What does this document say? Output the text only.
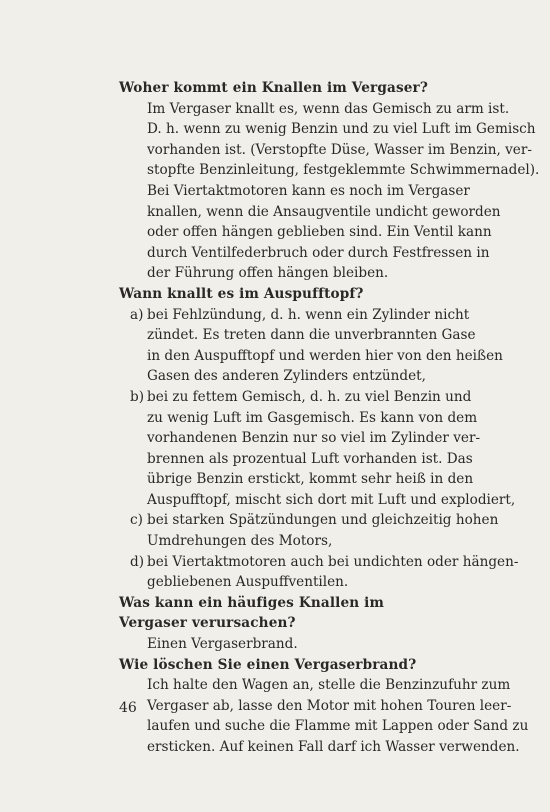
Woher kommt ein Knallen im Vergaser?
Im Vergaser knallt es, wenn das Gemisch zu arm ist.
D. h. wenn zu wenig Benzin und zu viel Luft im Gemisch
vorhanden ist. (Verstopfte Düse, Wasser im Benzin, ver-
stopfte Benzinleitung, festgeklemmte Schwimmernadel).
Bei Viertaktmotoren kann es noch im Vergaser
knallen, wenn die Ansaugventile undicht geworden
oder offen hängen geblieben sind. Ein Ventil kann
durch Ventilfederbruch oder durch Festfressen in
der Führung offen hängen bleiben.
Wann knallt es im Auspufftopf?
a) bei Fehlzündung, d. h. wenn ein Zylinder nicht
zündet. Es treten dann die unverbrannten Gase
in den Auspufftopf und werden hier von den heißen
Gasen des anderen Zylinders entzündet,
b) bei zu fettem Gemisch, d. h. zu viel Benzin und
zu wenig Luft im Gasgemisch. Es kann von dem
vorhandenen Benzin nur so viel im Zylinder ver-
brennen als prozentual Luft vorhanden ist. Das
übrige Benzin erstickt, kommt sehr heiß in den
Auspufftopf, mischt sich dort mit Luft und explodiert,
c) bei starken Spätzündungen und gleichzeitig hohen
Umdrehungen des Motors,
d) bei Viertaktmotoren auch bei undichten oder hängen-
gebliebenen Auspuffventilen.
Was kann ein häufiges Knallen im
Vergaser verursachen?
Einen Vergaserbrand.
Wie löschen Sie einen Vergaserbrand?
Ich halte den Wagen an, stelle die Benzinzufuhr zum
Vergaser ab, lasse den Motor mit hohen Touren leer-
laufen und suche die Flamme mit Lappen oder Sand zu
ersticken. Auf keinen Fall darf ich Wasser verwenden.
46
